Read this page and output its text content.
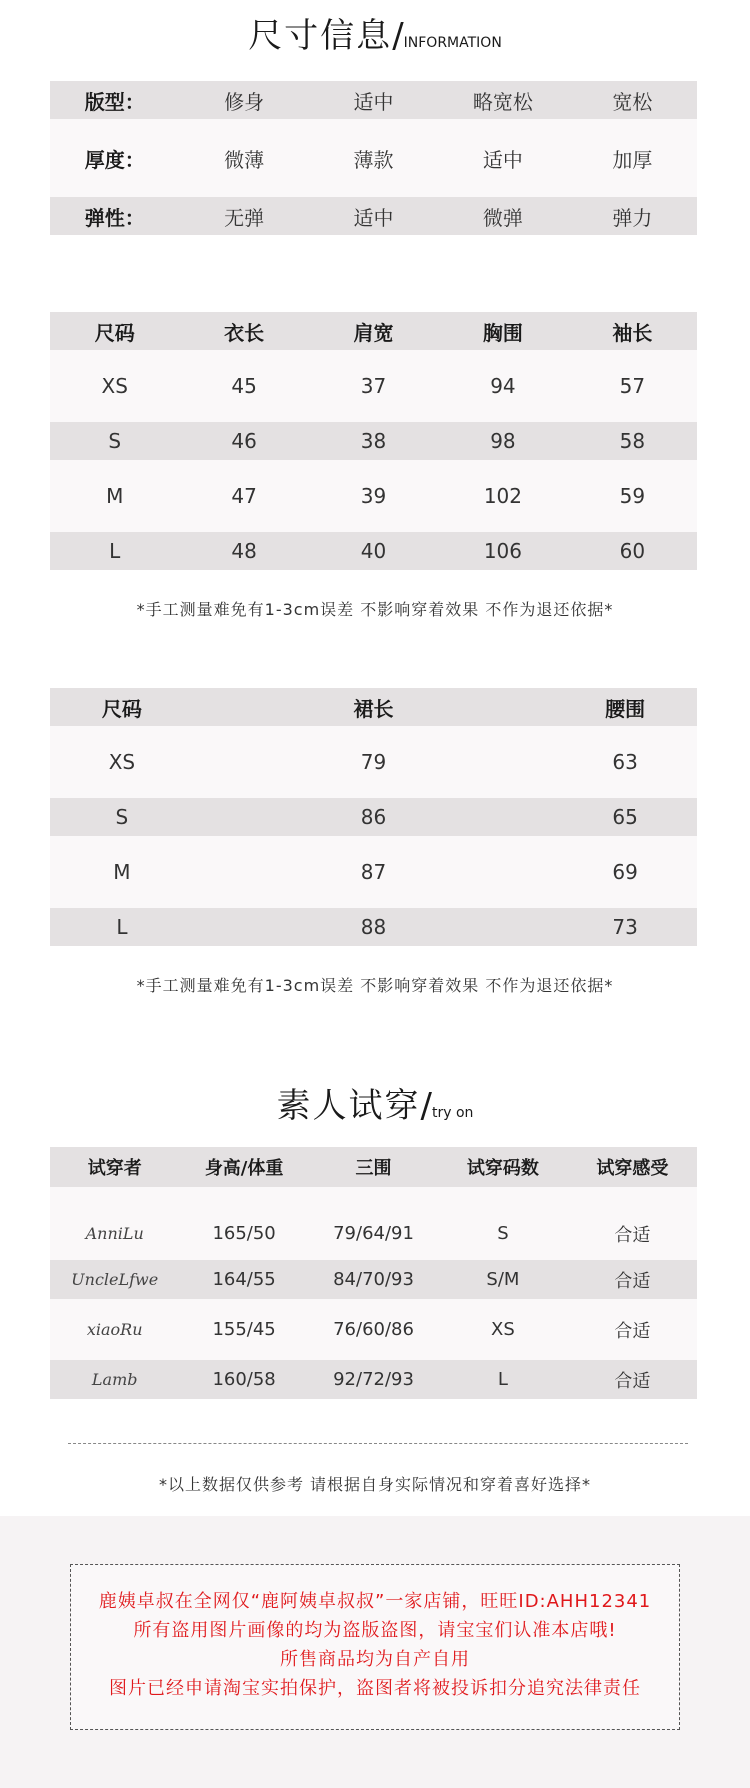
尺寸信息/INFORMATION
版型：	修身	适中	略宽松	宽松
厚度：	微薄	薄款	适中	加厚
弹性：	无弹	适中	微弹	弹力
尺码	衣长	肩宽	胸围	袖长
XS	45	37	94	57
S	46	38	98	58
M	47	39	102	59
L	48	40	106	60
*手工测量难免有1-3cm误差 不影响穿着效果 不作为退还依据*
尺码	裙长	腰围
XS	79	63
S	86	65
M	87	69
L	88	73
*手工测量难免有1-3cm误差 不影响穿着效果 不作为退还依据*
素人试穿/try on
试穿者	身高/体重	三围	试穿码数	试穿感受
AnniLu	165/50	79/64/91	S	合适
UncleLfwe	164/55	84/70/93	S/M	合适
xiaoRu	155/45	76/60/86	XS	合适
Lamb	160/58	92/72/93	L	合适
*以上数据仅供参考 请根据自身实际情况和穿着喜好选择*
鹿姨卓叔在全网仅“鹿阿姨卓叔叔”一家店铺，旺旺ID:AHH12341
所有盗用图片画像的均为盗版盗图，请宝宝们认准本店哦!
所售商品均为自产自用
图片已经申请淘宝实拍保护，盗图者将被投诉扣分追究法律责任
